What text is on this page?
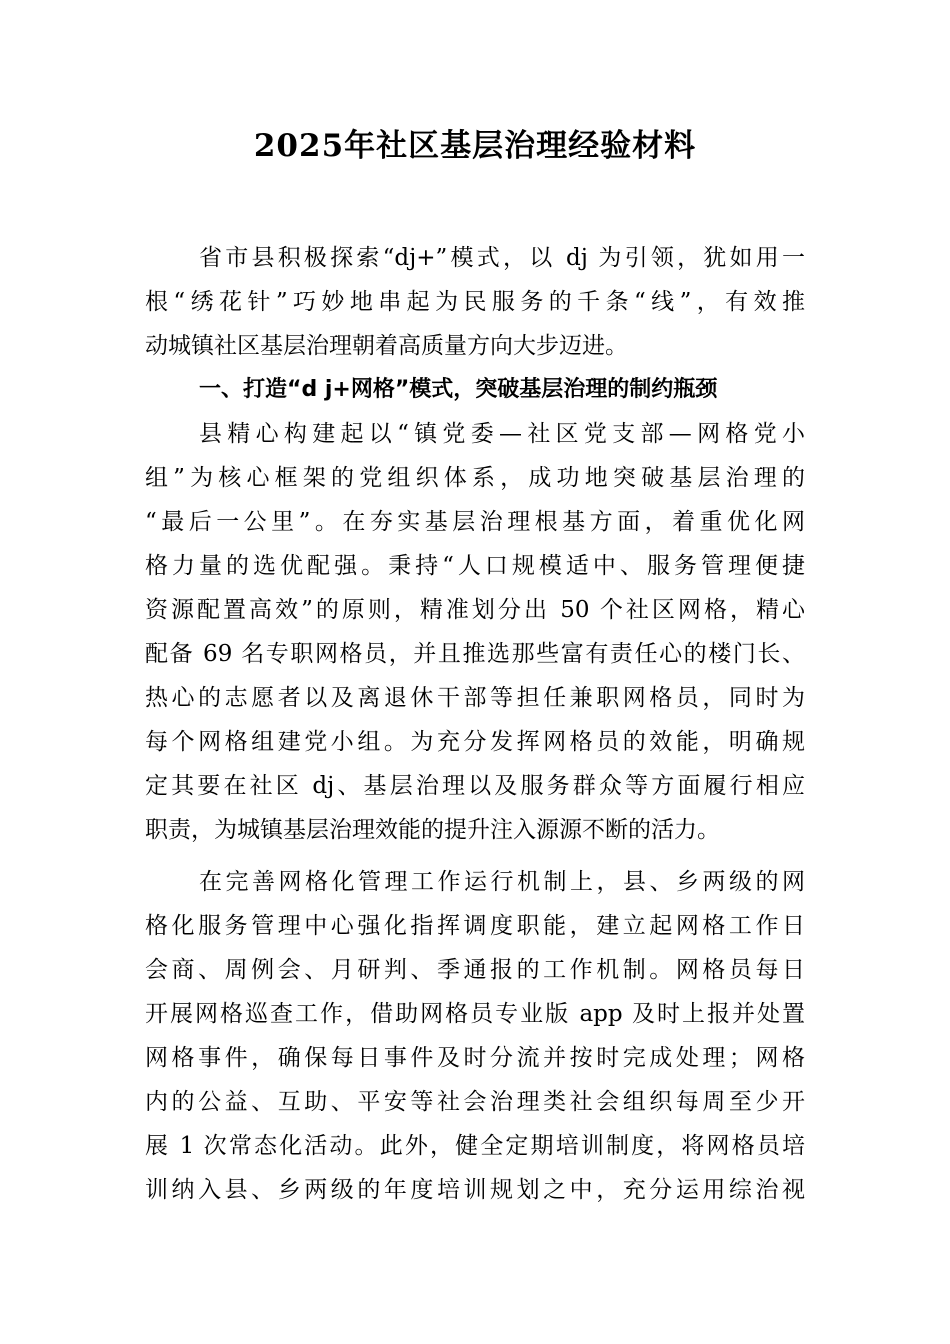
2025年社区基层治理经验材料
省市县积极探索“dj+”模式，以 dj 为引领，犹如用一
根“绣花针”巧妙地串起为民服务的千条“线”，有效推
动城镇社区基层治理朝着高质量方向大步迈进。
一、打造“d j+网格”模式，突破基层治理的制约瓶颈
县精心构建起以“镇党委—社区党支部—网格党小
组”为核心框架的党组织体系，成功地突破基层治理的
“最后一公里”。在夯实基层治理根基方面，着重优化网
格力量的选优配强。秉持“人口规模适中、服务管理便捷
资源配置高效”的原则，精准划分出 50 个社区网格，精心
配备 69 名专职网格员，并且推选那些富有责任心的楼门长、
热心的志愿者以及离退休干部等担任兼职网格员，同时为
每个网格组建党小组。为充分发挥网格员的效能，明确规
定其要在社区 dj、基层治理以及服务群众等方面履行相应
职责，为城镇基层治理效能的提升注入源源不断的活力。
在完善网格化管理工作运行机制上，县、乡两级的网
格化服务管理中心强化指挥调度职能，建立起网格工作日
会商、周例会、月研判、季通报的工作机制。网格员每日
开展网格巡查工作，借助网格员专业版 app 及时上报并处置
网格事件，确保每日事件及时分流并按时完成处理；网格
内的公益、互助、平安等社会治理类社会组织每周至少开
展 1 次常态化活动。此外，健全定期培训制度，将网格员培
训纳入县、乡两级的年度培训规划之中，充分运用综治视
